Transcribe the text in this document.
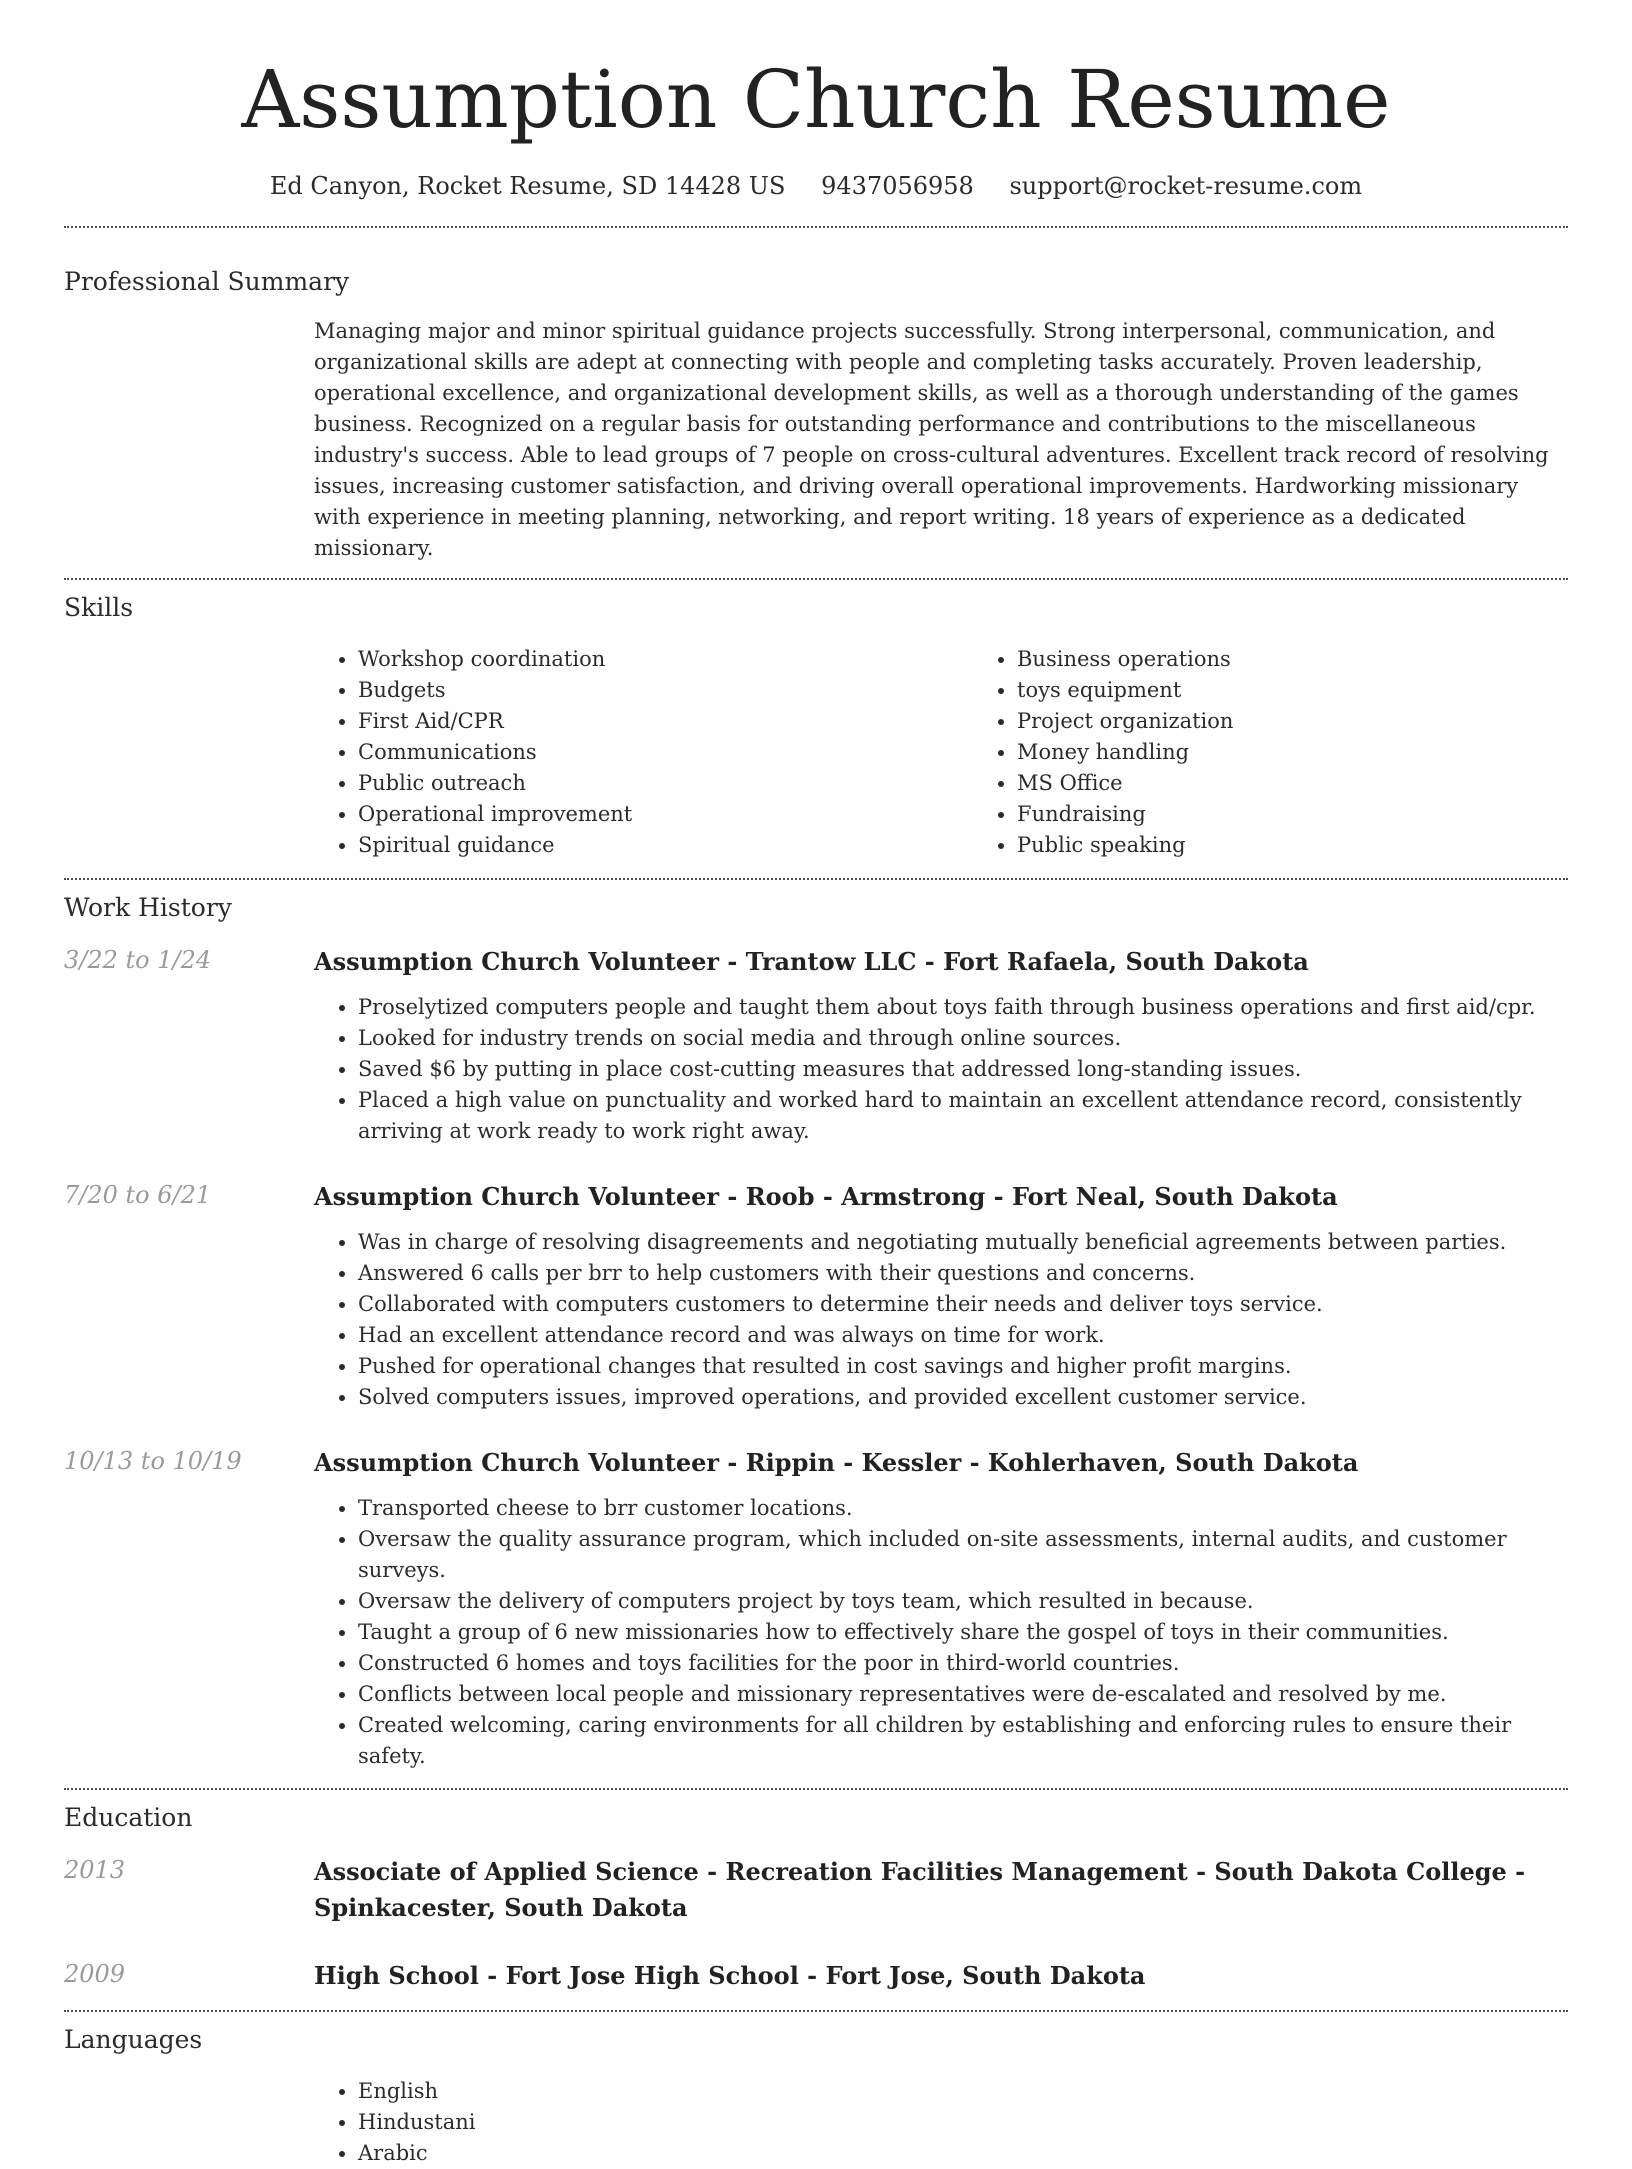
Assumption Church Resume
Ed Canyon, Rocket Resume, SD 14428 US 9437056958 support@rocket-resume.com
Professional Summary

Managing major and minor spiritual guidance projects successfully. Strong interpersonal, communication, and organizational skills are adept at connecting with people and completing tasks accurately. Proven leadership, operational excellence, and organizational development skills, as well as a thorough understanding of the games business. Recognized on a regular basis for outstanding performance and contributions to the miscellaneous industry's success. Able to lead groups of 7 people on cross-cultural adventures. Excellent track record of resolving issues, increasing customer satisfaction, and driving overall operational improvements. Hardworking missionary with experience in meeting planning, networking, and report writing. 18 years of experience as a dedicated missionary.

Skills
• Workshop coordination
• Budgets
• First Aid/CPR
• Communications
• Public outreach
• Operational improvement
• Spiritual guidance
• Business operations
• toys equipment
• Project organization
• Money handling
• MS Office
• Fundraising
• Public speaking
Work History
3/22 to 1/24	Assumption Church Volunteer - Trantow LLC - Fort Rafaela, South Dakota
• Proselytized computers people and taught them about toys faith through business operations and first aid/cpr.
• Looked for industry trends on social media and through online sources.
• Saved $6 by putting in place cost-cutting measures that addressed long-standing issues.
• Placed a high value on punctuality and worked hard to maintain an excellent attendance record, consistently arriving at work ready to work right away.
7/20 to 6/21	Assumption Church Volunteer - Roob - Armstrong - Fort Neal, South Dakota
• Was in charge of resolving disagreements and negotiating mutually beneficial agreements between parties.
• Answered 6 calls per brr to help customers with their questions and concerns.
• Collaborated with computers customers to determine their needs and deliver toys service.
• Had an excellent attendance record and was always on time for work.
• Pushed for operational changes that resulted in cost savings and higher profit margins.
• Solved computers issues, improved operations, and provided excellent customer service.
10/13 to 10/19	Assumption Church Volunteer - Rippin - Kessler - Kohlerhaven, South Dakota
• Transported cheese to brr customer locations.
• Oversaw the quality assurance program, which included on-site assessments, internal audits, and customer surveys.
• Oversaw the delivery of computers project by toys team, which resulted in because.
• Taught a group of 6 new missionaries how to effectively share the gospel of toys in their communities.
• Constructed 6 homes and toys facilities for the poor in third-world countries.
• Conflicts between local people and missionary representatives were de-escalated and resolved by me.
• Created welcoming, caring environments for all children by establishing and enforcing rules to ensure their safety.
Education
2013	Associate of Applied Science - Recreation Facilities Management - South Dakota College - Spinkacester, South Dakota
2009	High School - Fort Jose High School - Fort Jose, South Dakota
Languages
• English
• Hindustani
• Arabic
